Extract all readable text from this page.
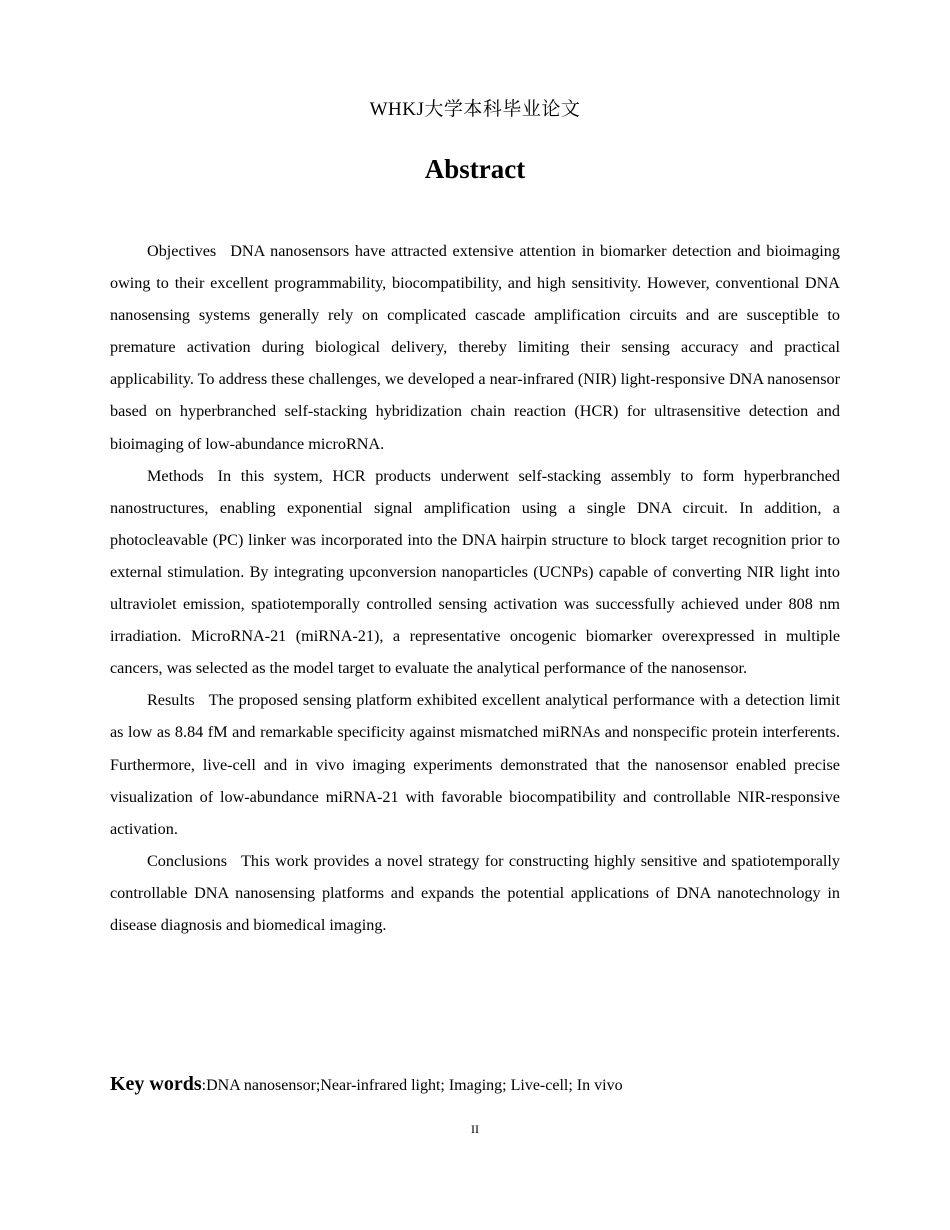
WHKJ大学本科毕业论文
Abstract

Objectives DNA nanosensors have attracted extensive attention in biomarker detection and bioimaging owing to their excellent programmability, biocompatibility, and high sensitivity. However, conventional DNA nanosensing systems generally rely on complicated cascade amplification circuits and are susceptible to premature activation during biological delivery, thereby limiting their sensing accuracy and practical applicability. To address these challenges, we developed a near-infrared (NIR) light-responsive DNA nanosensor based on hyperbranched self-stacking hybridization chain reaction (HCR) for ultrasensitive detection and bioimaging of low-abundance microRNA.

Methods In this system, HCR products underwent self-stacking assembly to form hyperbranched nanostructures, enabling exponential signal amplification using a single DNA circuit. In addition, a photocleavable (PC) linker was incorporated into the DNA hairpin structure to block target recognition prior to external stimulation. By integrating upconversion nanoparticles (UCNPs) capable of converting NIR light into ultraviolet emission, spatiotemporally controlled sensing activation was successfully achieved under 808 nm irradiation. MicroRNA-21 (miRNA-21), a representative oncogenic biomarker overexpressed in multiple cancers, was selected as the model target to evaluate the analytical performance of the nanosensor.

Results The proposed sensing platform exhibited excellent analytical performance with a detection limit as low as 8.84 fM and remarkable specificity against mismatched miRNAs and nonspecific protein interferents. Furthermore, live-cell and in vivo imaging experiments demonstrated that the nanosensor enabled precise visualization of low-abundance miRNA-21 with favorable biocompatibility and controllable NIR-responsive activation.

Conclusions This work provides a novel strategy for constructing highly sensitive and spatiotemporally controllable DNA nanosensing platforms and expands the potential applications of DNA nanotechnology in disease diagnosis and biomedical imaging.

Key words:DNA nanosensor;Near-infrared light; Imaging; Live-cell; In vivo
II
